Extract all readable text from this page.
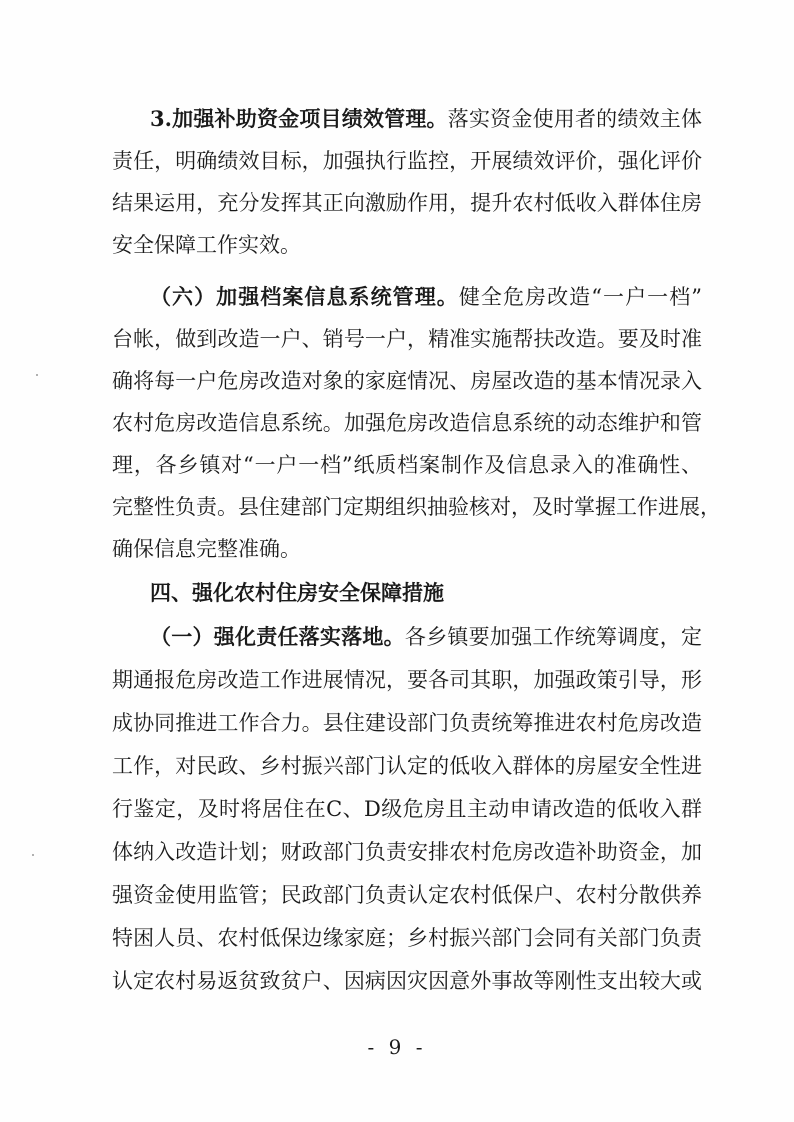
3.加强补助资金项目绩效管理。落实资金使用者的绩效主体
责任，明确绩效目标，加强执行监控，开展绩效评价，强化评价
结果运用，充分发挥其正向激励作用，提升农村低收入群体住房
安全保障工作实效。
（六）加强档案信息系统管理。健全危房改造“一户一档”
台帐，做到改造一户、销号一户，精准实施帮扶改造。要及时准
确将每一户危房改造对象的家庭情况、房屋改造的基本情况录入
农村危房改造信息系统。加强危房改造信息系统的动态维护和管
理，各乡镇对“一户一档”纸质档案制作及信息录入的准确性、
完整性负责。县住建部门定期组织抽验核对，及时掌握工作进展，
确保信息完整准确。
四、强化农村住房安全保障措施
（一）强化责任落实落地。各乡镇要加强工作统筹调度，定
期通报危房改造工作进展情况，要各司其职，加强政策引导，形
成协同推进工作合力。县住建设部门负责统筹推进农村危房改造
工作，对民政、乡村振兴部门认定的低收入群体的房屋安全性进
行鉴定，及时将居住在C、D级危房且主动申请改造的低收入群
体纳入改造计划；财政部门负责安排农村危房改造补助资金，加
强资金使用监管；民政部门负责认定农村低保户、农村分散供养
特困人员、农村低保边缘家庭；乡村振兴部门会同有关部门负责
认定农村易返贫致贫户、因病因灾因意外事故等刚性支出较大或
- 9 -
